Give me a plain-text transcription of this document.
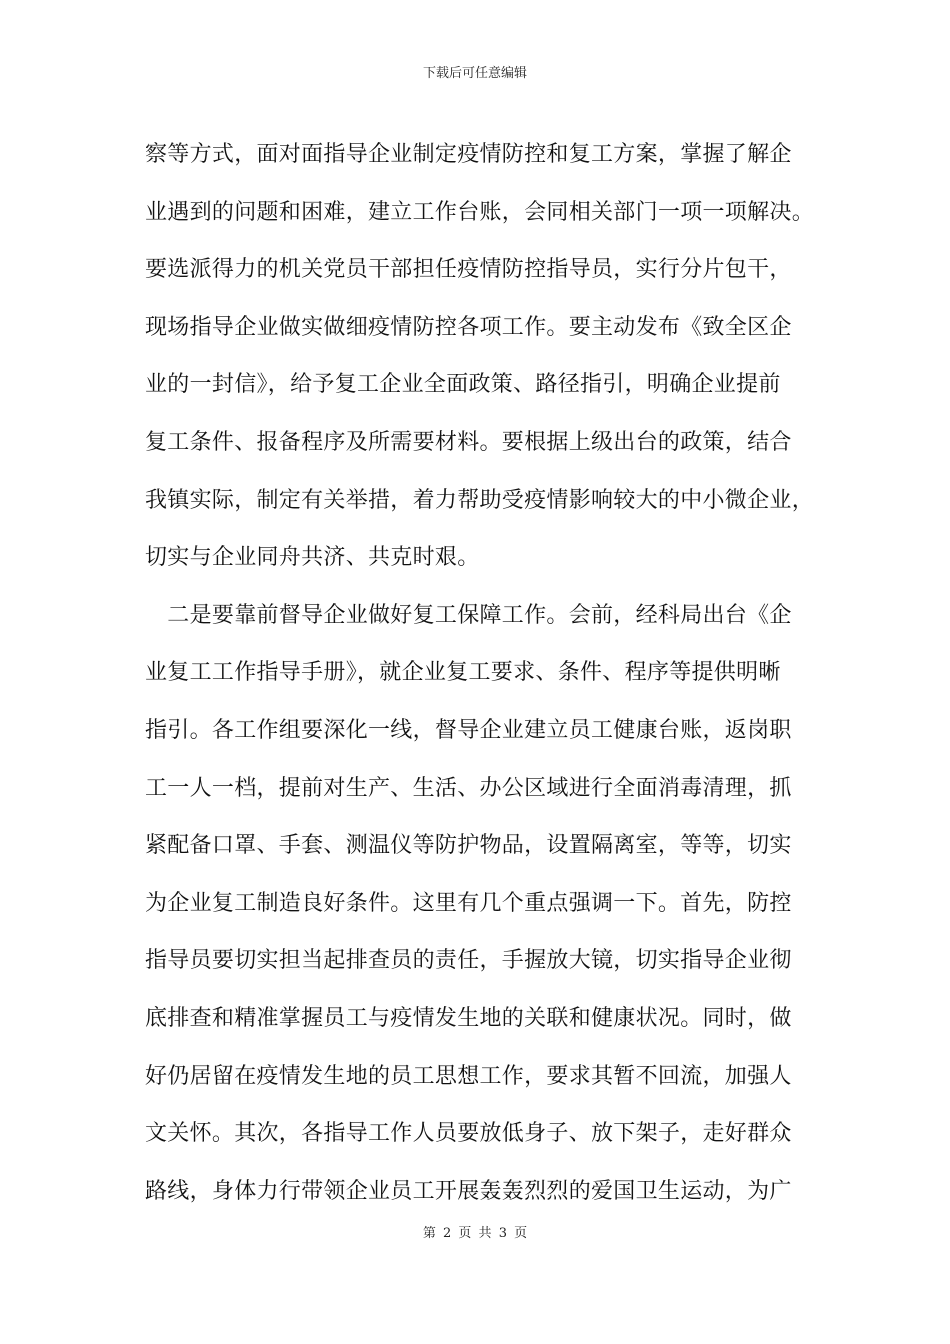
下载后可任意编辑
察等方式，面对面指导企业制定疫情防控和复工方案，掌握了解企
业遇到的问题和困难，建立工作台账，会同相关部门一项一项解决。
要选派得力的机关党员干部担任疫情防控指导员，实行分片包干，
现场指导企业做实做细疫情防控各项工作。要主动发布《致全区企
业的一封信》，给予复工企业全面政策、路径指引，明确企业提前
复工条件、报备程序及所需要材料。要根据上级出台的政策，结合
我镇实际，制定有关举措，着力帮助受疫情影响较大的中小微企业，
切实与企业同舟共济、共克时艰。
　二是要靠前督导企业做好复工保障工作。会前，经科局出台《企
业复工工作指导手册》，就企业复工要求、条件、程序等提供明晰
指引。各工作组要深化一线，督导企业建立员工健康台账，返岗职
工一人一档，提前对生产、生活、办公区域进行全面消毒清理，抓
紧配备口罩、手套、测温仪等防护物品，设置隔离室，等等，切实
为企业复工制造良好条件。这里有几个重点强调一下。首先，防控
指导员要切实担当起排查员的责任，手握放大镜，切实指导企业彻
底排查和精准掌握员工与疫情发生地的关联和健康状况。同时，做
好仍居留在疫情发生地的员工思想工作，要求其暂不回流，加强人
文关怀。其次，各指导工作人员要放低身子、放下架子，走好群众
路线，身体力行带领企业员工开展轰轰烈烈的爱国卫生运动，为广
第 2 页 共 3 页
